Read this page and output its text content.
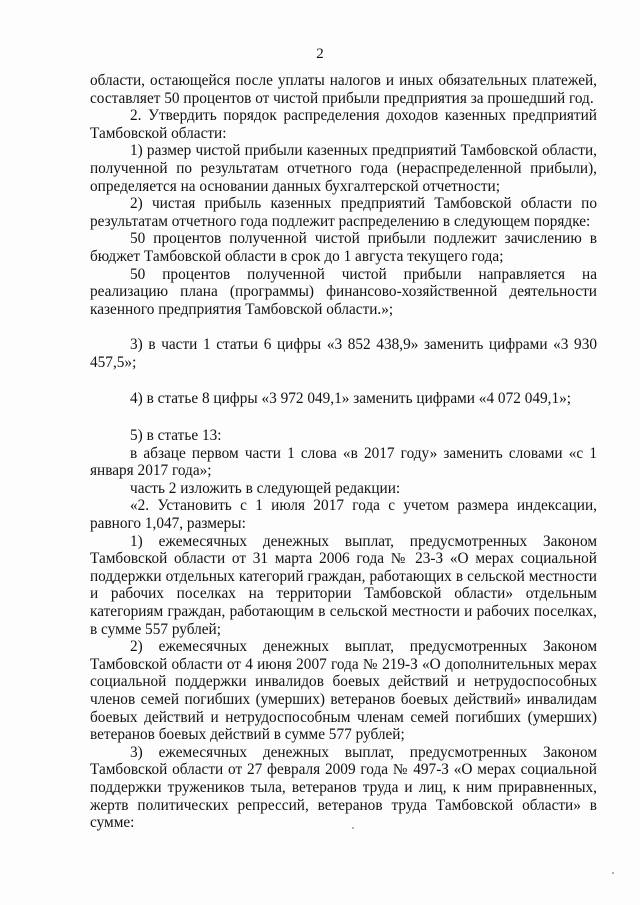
2

области, остающейся после уплаты налогов и иных обязательных платежей, составляет 50 процентов от чистой прибыли предприятия за прошедший год.

2. Утвердить порядок распределения доходов казенных предприятий Тамбовской области:

1) размер чистой прибыли казенных предприятий Тамбовской области, полученной по результатам отчетного года (нераспределенной прибыли), определяется на основании данных бухгалтерской отчетности;

2) чистая прибыль казенных предприятий Тамбовской области по результатам отчетного года подлежит распределению в следующем порядке:

50 процентов полученной чистой прибыли подлежит зачислению в бюджет Тамбовской области в срок до 1 августа текущего года;

50 процентов полученной чистой прибыли направляется на реализацию плана (программы) финансово-хозяйственной деятельности казенного предприятия Тамбовской области.»;

3) в части 1 статьи 6 цифры «3 852 438,9» заменить цифрами «3 930 457,5»;

4) в статье 8 цифры «3 972 049,1» заменить цифрами «4 072 049,1»;

5) в статье 13:

в абзаце первом части 1 слова «в 2017 году» заменить словами «с 1 января 2017 года»;

часть 2 изложить в следующей редакции:

«2. Установить с 1 июля 2017 года с учетом размера индексации, равного 1,047, размеры:

1) ежемесячных денежных выплат, предусмотренных Законом Тамбовской области от 31 марта 2006 года № 23-З «О мерах социальной поддержки отдельных категорий граждан, работающих в сельской местности и рабочих поселках на территории Тамбовской области» отдельным категориям граждан, работающим в сельской местности и рабочих поселках, в сумме 557 рублей;

2) ежемесячных денежных выплат, предусмотренных Законом Тамбовской области от 4 июня 2007 года № 219-З «О дополнительных мерах социальной поддержки инвалидов боевых действий и нетрудоспособных членов семей погибших (умерших) ветеранов боевых действий» инвалидам боевых действий и нетрудоспособным членам семей погибших (умерших) ветеранов боевых действий в сумме 577 рублей;

3) ежемесячных денежных выплат, предусмотренных Законом Тамбовской области от 27 февраля 2009 года № 497-З «О мерах социальной поддержки тружеников тыла, ветеранов труда и лиц, к ним приравненных, жертв политических репрессий, ветеранов труда Тамбовской области» в сумме:
